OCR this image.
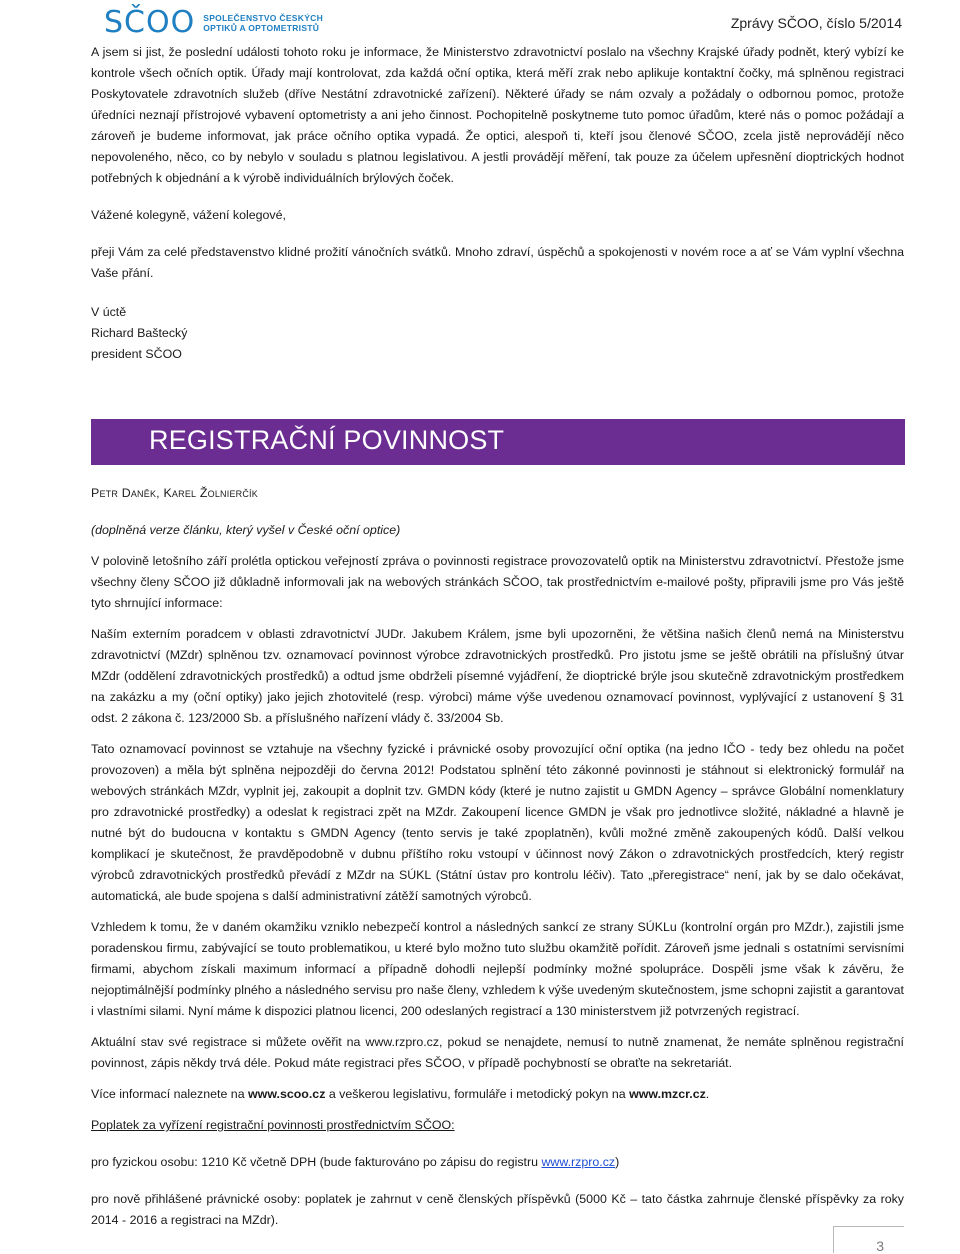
SČOO SPOLEČENSTVO ČESKÝCH
OPTIKŮ A OPTOMETRISTŮ	Zprávy SČOO, číslo 5/2014

A jsem si jist, že poslední události tohoto roku je informace, že Ministerstvo zdravotnictví poslalo na všechny Krajské úřady podnět, který vybízí ke kontrole všech očních optik. Úřady mají kontrolovat, zda každá oční optika, která měří zrak nebo aplikuje kontaktní čočky, má splněnou registraci Poskytovatele zdravotních služeb (dříve Nestátní zdravotnické zařízení). Některé úřady se nám ozvaly a požádaly o odbornou pomoc, protože úředníci neznají přístrojové vybavení optometristy a ani jeho činnost. Pochopitelně poskytneme tuto pomoc úřadům, které nás o pomoc požádají a zároveň je budeme informovat, jak práce očního optika vypadá. Že optici, alespoň ti, kteří jsou členové SČOO, zcela jistě neprovádějí něco nepovoleného, něco, co by nebylo v souladu s platnou legislativou. A jestli provádějí měření, tak pouze za účelem upřesnění dioptrických hodnot potřebných k objednání a k výrobě individuálních brýlových čoček.

Vážené kolegyně, vážení kolegové,

přeji Vám za celé představenstvo klidné prožití vánočních svátků. Mnoho zdraví, úspěchů a spokojenosti v novém roce a ať se Vám vyplní všechna Vaše přání.

V úctě

Richard Baštecký

president SČOO

REGISTRAČNÍ POVINNOST
Petr Daněk, Karel Žolnierčík

(doplněná verze článku, který vyšel v České oční optice)

V polovině letošního září prolétla optickou veřejností zpráva o povinnosti registrace provozovatelů optik na Ministerstvu zdravotnictví. Přestože jsme všechny členy SČOO již důkladně informovali jak na webových stránkách SČOO, tak prostřednictvím e-mailové pošty, připravili jsme pro Vás ještě tyto shrnující informace:

Naším externím poradcem v oblasti zdravotnictví JUDr. Jakubem Králem, jsme byli upozorněni, že většina našich členů nemá na Ministerstvu zdravotnictví (MZdr) splněnou tzv. oznamovací povinnost výrobce zdravotnických prostředků. Pro jistotu jsme se ještě obrátili na příslušný útvar MZdr (oddělení zdravotnických prostředků) a odtud jsme obdrželi písemné vyjádření, že dioptrické brýle jsou skutečně zdravotnickým prostředkem na zakázku a my (oční optiky) jako jejich zhotovitelé (resp. výrobci) máme výše uvedenou oznamovací povinnost, vyplývající z ustanovení § 31 odst. 2 zákona č. 123/2000 Sb. a příslušného nařízení vlády č. 33/2004 Sb.

Tato oznamovací povinnost se vztahuje na všechny fyzické i právnické osoby provozující oční optika (na jedno IČO - tedy bez ohledu na počet provozoven) a měla být splněna nejpozději do června 2012! Podstatou splnění této zákonné povinnosti je stáhnout si elektronický formulář na webových stránkách MZdr, vyplnit jej, zakoupit a doplnit tzv. GMDN kódy (které je nutno zajistit u GMDN Agency – správce Globální nomenklatury pro zdravotnické prostředky) a odeslat k registraci zpět na MZdr. Zakoupení licence GMDN je však pro jednotlivce složité, nákladné a hlavně je nutné být do budoucna v kontaktu s GMDN Agency (tento servis je také zpoplatněn), kvůli možné změně zakoupených kódů. Další velkou komplikací je skutečnost, že pravděpodobně v dubnu příštího roku vstoupí v účinnost nový Zákon o zdravotnických prostředcích, který registr výrobců zdravotnických prostředků převádí z MZdr na SÚKL (Státní ústav pro kontrolu léčiv). Tato „přeregistrace“ není, jak by se dalo očekávat, automatická, ale bude spojena s další administrativní zátěží samotných výrobců.

Vzhledem k tomu, že v daném okamžiku vzniklo nebezpečí kontrol a následných sankcí ze strany SÚKLu (kontrolní orgán pro MZdr.), zajistili jsme poradenskou firmu, zabývající se touto problematikou, u které bylo možno tuto službu okamžitě pořídit. Zároveň jsme jednali s ostatními servisními firmami, abychom získali maximum informací a případně dohodli nejlepší podmínky možné spolupráce. Dospěli jsme však k závěru, že nejoptimálnější podmínky plného a následného servisu pro naše členy, vzhledem k výše uvedeným skutečnostem, jsme schopni zajistit a garantovat i vlastními silami. Nyní máme k dispozici platnou licenci, 200 odeslaných registrací a 130 ministerstvem již potvrzených registrací.

Aktuální stav své registrace si můžete ověřit na www.rzpro.cz, pokud se nenajdete, nemusí to nutně znamenat, že nemáte splněnou registrační povinnost, zápis někdy trvá déle. Pokud máte registraci přes SČOO, v případě pochybností se obraťte na sekretariát.

Více informací naleznete na www.scoo.cz a veškerou legislativu, formuláře i metodický pokyn na www.mzcr.cz.

Poplatek za vyřízení registrační povinnosti prostřednictvím SČOO:

pro fyzickou osobu: 1210 Kč včetně DPH (bude fakturováno po zápisu do registru www.rzpro.cz)

pro nově přihlášené právnické osoby: poplatek je zahrnut v ceně členských příspěvků (5000 Kč – tato částka zahrnuje členské příspěvky za roky 2014 - 2016 a registraci na MZdr).

3
